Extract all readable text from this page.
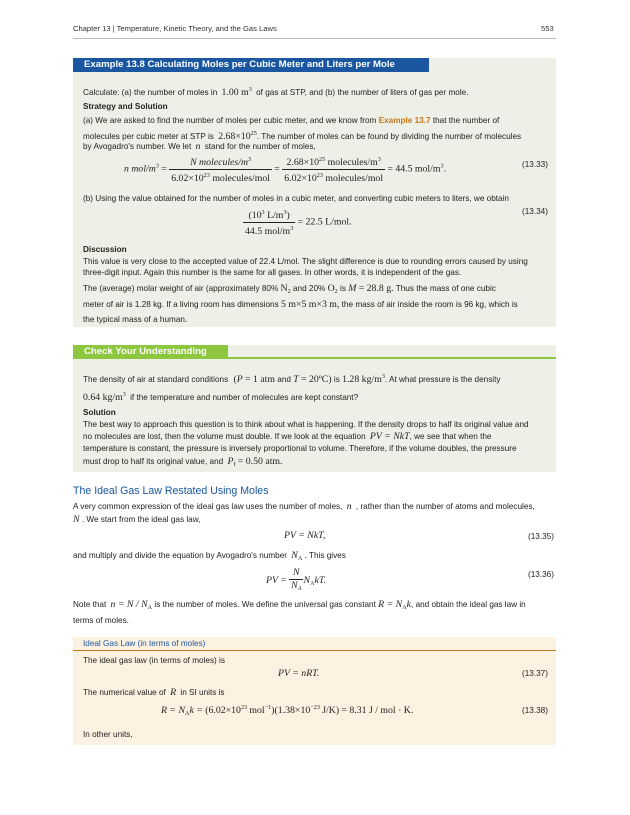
Chapter 13 | Temperature, Kinetic Theory, and the Gas Laws	553
Example 13.8 Calculating Moles per Cubic Meter and Liters per Mole
Calculate: (a) the number of moles in 1.00 $m^3$ of gas at STP, and (b) the number of liters of gas per mole.
Strategy and Solution
(a) We are asked to find the number of moles per cubic meter, and we know from Example 13.7 that the number of
molecules per cubic meter at STP is $2.68\times 10^{25}$. The number of moles can be found by dividing the number of molecules
by Avogadro's number. We let n stand for the number of moles,
n mol/$m^3 = \frac{N molecules/m^3}{6.02\times 10^{23} molecules/mol} = \frac{2.68\times 10^{25} molecules/m^3}{6.02\times 10^{23} molecules/mol} = 44.5$ mol/$m^3$.	(13.33)
(b) Using the value obtained for the number of moles in a cubic meter, and converting cubic meters to liters, we obtain
$\frac{(10^3 L/m^3)}{44.5 mol/m^3} = 22.5$ L/mol.
(13.34)
Discussion
This value is very close to the accepted value of 22.4 L/mol. The slight difference is due to rounding errors caused by using
three-digit input. Again this number is the same for all gases. In other words, it is independent of the gas.
The (average) molar weight of air (approximately 80% $N_2$ and 20% $O_2$ is M = 28.8 g. Thus the mass of one cubic
meter of air is 1.28 kg. If a living room has dimensions 5 m×5 m×3 m, the mass of air inside the room is 96 kg, which is
the typical mass of a human.
Check Your Understanding
The density of air at standard conditions (P = 1 atm and T = 20ºC) is 1.28 $kg/m^3$. At what pressure is the density
0.64 $kg/m^3$ if the temperature and number of molecules are kept constant?
Solution
The best way to approach this question is to think about what is happening. If the density drops to half its original value and
no molecules are lost, then the volume must double. If we look at the equation PV = NkT, we see that when the
temperature is constant, the pressure is inversely proportional to volume. Therefore, if the volume doubles, the pressure
must drop to half its original value, and $P_f = 0.50$ atm.
The Ideal Gas Law Restated Using Moles
A very common expression of the ideal gas law uses the number of moles, n , rather than the number of atoms and molecules,
N . We start from the ideal gas law,
PV = NkT,	(13.35)
and multiply and divide the equation by Avogadro's number $N_A$ . This gives
PV = $\frac{N}{N_A} N_AkT$.
(13.36)
Note that $n = N / N_A$ is the number of moles. We define the universal gas constant $R = N_Ak$, and obtain the ideal gas law in
terms of moles.
Ideal Gas Law (in terms of moles)
The ideal gas law (in terms of moles) is
PV = nRT.	(13.37)
The numerical value of R in SI units is
$R = N_Ak = (6.02\times 10^{23}$ $mol^{-1})(1.38\times 10^{-23}$ J/K) = 8.31 J / mol · K.	(13.38)
In other units,
